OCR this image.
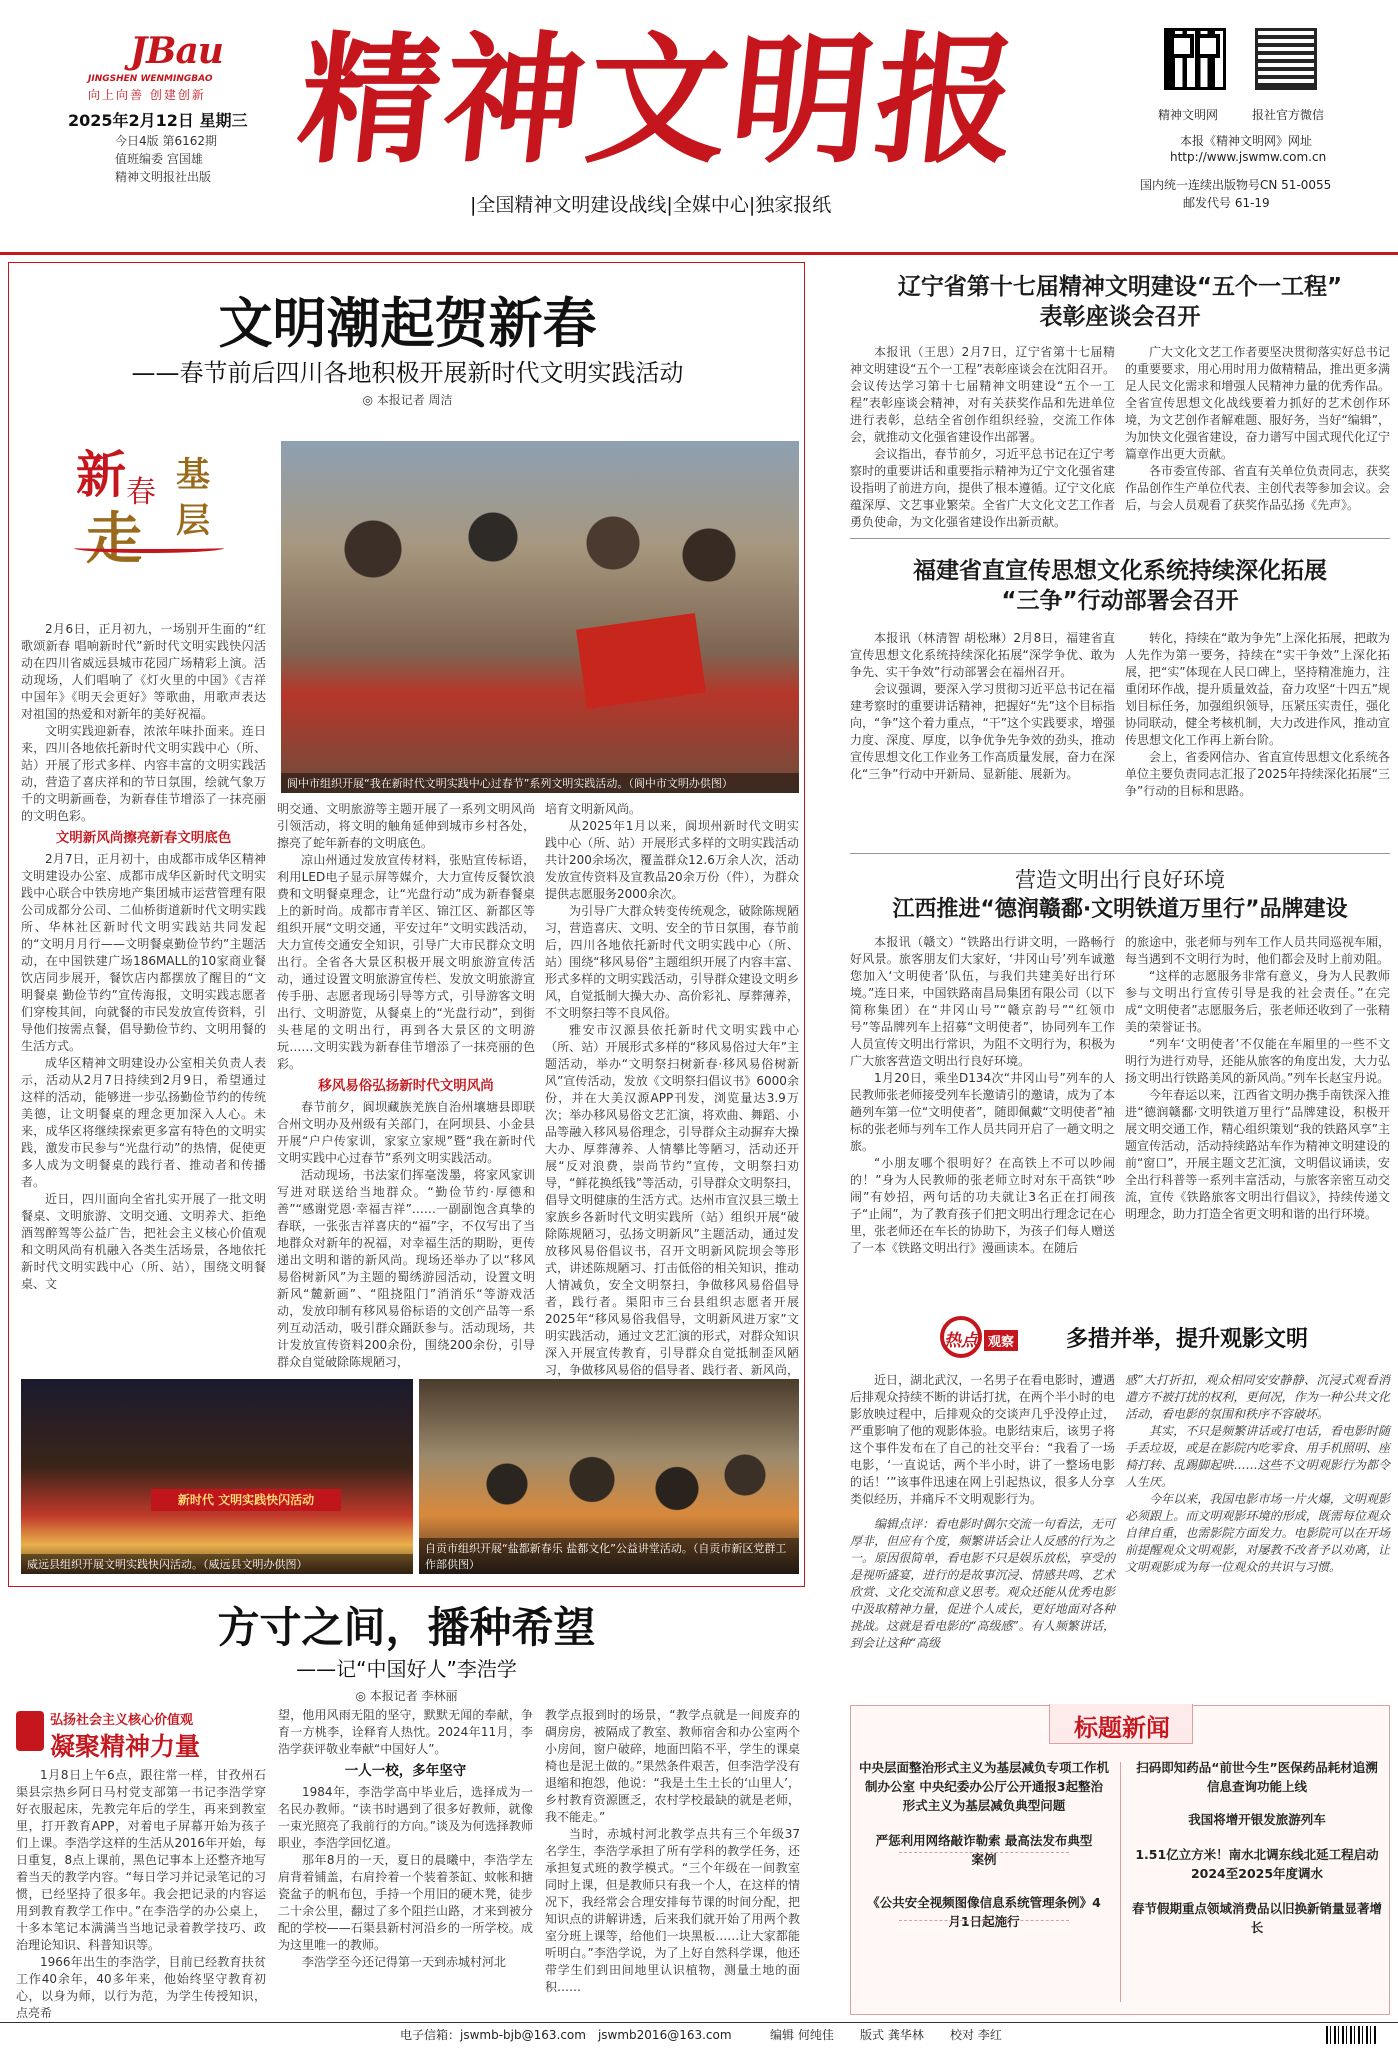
JBau
JINGSHEN WENMINGBAO
向上向善 创建创新
2025年2月12日 星期三
今日4版 第6162期
值班编委 宫国雄
精神文明报社出版 精神文明报
|全国精神文明建设战线|全媒中心|独家报纸
精神文明网	报社官方微信
本报《精神文明网》网址
http://www.jswmw.com.cn
国内统一连续出版物号CN 51-0055
邮发代号 61-19
文明潮起贺新春
——春节前后四川各地积极开展新时代文明实践活动
◎ 本报记者 周洁
新 春 基
层
走
阆中市组织开展“我在新时代文明实践中心过春节”系列文明实践活动。（阆中市文明办供图）

2月6日，正月初九，一场别开生面的“红歌颂新春 唱响新时代”新时代文明实践快闪活动在四川省威远县城市花园广场精彩上演。活动现场，人们唱响了《灯火里的中国》《吉祥中国年》《明天会更好》等歌曲，用歌声表达对祖国的热爱和对新年的美好祝福。

文明实践迎新春，浓浓年味扑面来。连日来，四川各地依托新时代文明实践中心（所、站）开展了形式多样、内容丰富的文明实践活动，营造了喜庆祥和的节日氛围，绘就气象万千的文明新画卷，为新春佳节增添了一抹亮丽的文明色彩。

文明新风尚擦亮新春文明底色

2月7日，正月初十，由成都市成华区精神文明建设办公室、成都市成华区新时代文明实践中心联合中铁房地产集团城市运营管理有限公司成都分公司、二仙桥街道新时代文明实践所、华林社区新时代文明实践站共同发起的“文明月月行——文明餐桌勤俭节约”主题活动，在中国铁建广场186MALL的10家商业餐饮店同步展开，餐饮店内都摆放了醒目的“文明餐桌 勤俭节约”宣传海报，文明实践志愿者们穿梭其间，向就餐的市民发放宣传资料，引导他们按需点餐，倡导勤俭节约、文明用餐的生活方式。

成华区精神文明建设办公室相关负责人表示，活动从2月7日持续到2月9日，希望通过这样的活动，能够进一步弘扬勤俭节约的传统美德，让文明餐桌的理念更加深入人心。未来，成华区将继续探索更多富有特色的文明实践，激发市民参与“光盘行动”的热情，促使更多人成为文明餐桌的践行者、推动者和传播者。

近日，四川面向全省扎实开展了一批文明餐桌、文明旅游、文明交通、文明养犬、拒绝酒驾醉驾等公益广告，把社会主义核心价值观和文明风尚有机融入各类生活场景，各地依托新时代文明实践中心（所、站），围绕文明餐桌、文

明交通、文明旅游等主题开展了一系列文明风尚引领活动，将文明的触角延伸到城市乡村各处，擦亮了蛇年新春的文明底色。

凉山州通过发放宣传材料，张贴宣传标语，利用LED电子显示屏等媒介，大力宣传反餐饮浪费和文明餐桌理念，让“光盘行动”成为新春餐桌上的新时尚。成都市青羊区、锦江区、新都区等组织开展“文明交通，平安过年”文明实践活动，大力宣传交通安全知识，引导广大市民群众文明出行。全省各大景区积极开展文明旅游宣传活动，通过设置文明旅游宣传栏、发放文明旅游宣传手册、志愿者现场引导等方式，引导游客文明出行、文明游览，从餐桌上的“光盘行动”，到街头巷尾的文明出行，再到各大景区的文明游玩……文明实践为新春佳节增添了一抹亮丽的色彩。

移风易俗弘扬新时代文明风尚

春节前夕，阆坝藏族羌族自治州壤塘县即联合州文明办及州级有关部门，在阿坝县、小金县开展“户户传家训，家家立家规”暨“我在新时代文明实践中心过春节”系列文明实践活动。

活动现场，书法家们挥毫泼墨，将家风家训写进对联送给当地群众。“勤俭节约·厚德和善”“感谢党恩·幸福吉祥”……一副副饱含真挚的春联，一张张吉祥喜庆的“福”字，不仅写出了当地群众对新年的祝福，对幸福生活的期盼，更传递出文明和谐的新风尚。现场还举办了以“移风易俗树新风”为主题的蜀绣游园活动，设置文明新风“麓新画”、“阻挠阻门”消消乐“等游戏活动，发放印制有移风易俗标语的文创产品等一系列互动活动，吸引群众踊跃参与。活动现场，共计发放宣传资料200余份，围绕200余份，引导群众自觉破除陈规陋习，

培育文明新风尚。

从2025年1月以来，阆坝州新时代文明实践中心（所、站）开展形式多样的文明实践活动共计200余场次，覆盖群众12.6万余人次，活动发放宣传资料及宣教品20余万份（件），为群众提供志愿服务2000余次。

为引导广大群众转变传统观念，破除陈规陋习，营造喜庆、文明、安全的节日氛围，春节前后，四川各地依托新时代文明实践中心（所、站）围绕“移风易俗”主题组织开展了内容丰富、形式多样的文明实践活动，引导群众建设文明乡风，自觉抵制大操大办、高价彩礼、厚葬薄养，不文明祭扫等不良风俗。

雅安市汉源县依托新时代文明实践中心（所、站）开展形式多样的“移风易俗过大年”主题活动，举办“文明祭扫树新春·移风易俗树新风”宣传活动，发放《文明祭扫倡议书》6000余份，并在大美汉源APP刊发，浏览量达3.9万次；举办移风易俗文艺汇演，将欢曲、舞蹈、小品等融入移风易俗理念，引导群众主动摒弃大操大办、厚葬薄养、人情攀比等陋习，活动还开展“反对浪费，崇尚节约”宣传，文明祭扫劝导，“鲜花换纸钱”等活动，引导群众文明祭扫，倡导文明健康的生活方式。达州市宣汉县三墩土家族乡各新时代文明实践所（站）组织开展“破除陈规陋习，弘扬文明新风”主题活动，通过发放移风易俗倡议书，召开文明新风院坝会等形式，讲述陈规陋习、打击低俗的相关知识，推动人情减负，安全文明祭扫，争做移风易俗倡导者，践行者。渠阳市三台县组织志愿者开展2025年“移风易俗我倡导，文明新风进万家”文明实践活动，通过文艺汇演的形式，对群众知识深入开展宣传教育，引导群众自觉抵制歪风陋习，争做移风易俗的倡导者、践行者、新风尚，

新时代 文明实践快闪活动
威远县组织开展文明实践快闪活动。（威远县文明办供图）
自贡市组织开展“盐都新春乐 盐都文化”公益讲堂活动。（自贡市新区党群工作部供图）
辽宁省第十七届精神文明建设“五个一工程”
表彰座谈会召开

本报讯（王思）2月7日，辽宁省第十七届精神文明建设“五个一工程”表彰座谈会在沈阳召开。会议传达学习第十七届精神文明建设“五个一工程”表彰座谈会精神，对有关获奖作品和先进单位进行表彰，总结全省创作组织经验，交流工作体会，就推动文化强省建设作出部署。

会议指出，春节前夕，习近平总书记在辽宁考察时的重要讲话和重要指示精神为辽宁文化强省建设指明了前进方向，提供了根本遵循。辽宁文化底蕴深厚、文艺事业繁荣。全省广大文化文艺工作者勇负使命，为文化强省建设作出新贡献。

广大文化文艺工作者要坚决贯彻落实好总书记的重要要求，用心用时用力做精精品，推出更多满足人民文化需求和增强人民精神力量的优秀作品。全省宣传思想文化战线要着力抓好的艺术创作环境，为文艺创作者解难题、服好务，当好“编辑”，为加快文化强省建设，奋力谱写中国式现代化辽宁篇章作出更大贡献。

各市委宣传部、省直有关单位负责同志，获奖作品创作生产单位代表、主创代表等参加会议。会后，与会人员观看了获奖作品弘扬《先声》。

福建省直宣传思想文化系统持续深化拓展
“三争”行动部署会召开

本报讯（林清智 胡松琳）2月8日，福建省直宣传思想文化系统持续深化拓展“深学争优、敢为争先、实干争效”行动部署会在福州召开。

会议强调，要深入学习贯彻习近平总书记在福建考察时的重要讲话精神，把握好“先”这个目标指向，“争”这个着力重点，“干”这个实践要求，增强力度、深度、厚度，以争优争先争效的劲头，推动宣传思想文化工作业务工作高质量发展，奋力在深化“三争”行动中开新局、显新能、展新为。

转化，持续在“敢为争先”上深化拓展，把敢为人先作为第一要务，持续在“实干争效”上深化拓展，把“实”体现在人民口碑上，坚持精准施力，注重闭环作战，提升质量效益，奋力攻坚“十四五”规划目标任务，加强组织领导，压紧压实责任，强化协同联动，健全考核机制，大力改进作风，推动宣传思想文化工作再上新台阶。

会上，省委网信办、省直宣传思想文化系统各单位主要负责同志汇报了2025年持续深化拓展“三争”行动的目标和思路。

营造文明出行良好环境
江西推进“德润赣鄱·文明铁道万里行”品牌建设

本报讯（赣文）“铁路出行讲文明，一路畅行好风景。旅客朋友们大家好，‘井冈山号’列车诚邀您加入‘文明使者’队伍，与我们共建美好出行环境。”连日来，中国铁路南昌局集团有限公司（以下简称集团）在“井冈山号”“赣京韵号”“红领巾号”等品牌列车上招募“文明使者”，协同列车工作人员宣传文明出行常识，为阻不文明行为，积极为广大旅客营造文明出行良好环境。

1月20日，乘坐D134次“井冈山号”列车的人民教师张老师接受列车长邀请引的邀请，成为了本趟列车第一位“文明使者”，随即佩戴“文明使者”袖标的张老师与列车工作人员共同开启了一趟文明之旅。

“小朋友哪个很明好？在高铁上不可以吵闹的！”身为人民教师的张老师立时对东干高铁“吵闹”有妙招，两句话的功夫就让3名正在打闹孩子“止闹”，为了教育孩子们把文明出行理念记在心里，张老师还在车长的协助下，为孩子们每人赠送了一本《铁路文明出行》漫画读本。在随后

的旅途中，张老师与列车工作人员共同巡视车厢，每当遇到不文明行为时，他们都会及时上前劝阻。

“这样的志愿服务非常有意义，身为人民教师参与文明出行宣传引导是我的社会责任。”在完成“文明使者”志愿服务后，张老师还收到了一张精美的荣誉证书。

“列车‘文明使者’不仅能在车厢里的一些不文明行为进行劝导，还能从旅客的角度出发，大力弘扬文明出行铁路美风的新风尚。”列车长赵宝丹说。

今年春运以来，江西省文明办携手南铁深入推进“德润赣鄱·文明铁道万里行”品牌建设，积极开展文明交通工作，精心组织策划“我的铁路风享”主题宣传活动，活动持续路站车作为精神文明建设的前“窗口”，开展主题文艺汇演，文明倡议诵读，安全出行科普等一系列丰富活动，与旅客亲密互动交流，宣传《铁路旅客文明出行倡议》，持续传递文明理念，助力打造全省更文明和谐的出行环境。

热点 观察 多措并举，提升观影文明

近日，湖北武汉，一名男子在看电影时，遭遇后排观众持续不断的讲话打扰，在两个半小时的电影放映过程中，后排观众的交谈声几乎没停止过，严重影响了他的观影体验。电影结束后，该男子将这个事件发布在了自己的社交平台：“我看了一场电影，‘一直说话，两个半小时，讲了一整场电影的话！’”该事件迅速在网上引起热议，很多人分享类似经历，并痛斥不文明观影行为。

编辑点评：看电影时偶尔交流一句看法，无可厚非，但应有个度，频繁讲话会让人反感的行为之一。原因很简单，看电影不只是娱乐放松，享受的是视听盛宴，进行的是故事沉浸、情感共鸣、艺术欣赏、文化交流和意义思考。观众还能从优秀电影中汲取精神力量，促进个人成长，更好地面对各种挑战。这就是看电影的“高级感”。有人频繁讲话，到会让这种“高级

感”大打折扣，观众相同安安静静、沉浸式观看消遣方不被打扰的权利，更何况，作为一种公共文化活动，看电影的氛围和秩序不容破坏。

其实，不只是频繁讲话或打电话，看电影时随手丢垃圾，或是在影院内吃零食、用手机照明、座椅打转、乱踢脚起哄……这些不文明观影行为都令人生厌。

今年以来，我国电影市场一片火爆，文明观影必须跟上。而文明观影环境的形成，既需每位观众自律自重，也需影院方面发力。电影院可以在开场前提醒观众文明观影，对屡教不改者予以劝离，让文明观影成为每一位观众的共识与习惯。

方寸之间，播种希望
——记“中国好人”李浩学
◎ 本报记者 李林丽
弘扬社会主义核心价值观
凝聚精神力量

1月8日上午6点，跟往常一样，甘孜州石渠县宗热乡阿日马村党支部第一书记李浩学穿好衣服起床，先教完年后的学生，再来到教室里，打开教育APP，对着电子屏幕开始为孩子们上课。李浩学这样的生活从2016年开始，每日重复，8点上课前，黑色记事本上还整齐地写着当天的教学内容。“每日学习并记录笔记的习惯，已经坚持了很多年。我会把记录的内容运用到教育教学工作中。”在李浩学的办公桌上，十多本笔记本满满当当地记录着教学技巧、政治理论知识、科普知识等。

1966年出生的李浩学，目前已经教育扶贫工作40余年，40多年来，他始终坚守教育初心，以身为师，以行为范，为学生传授知识，点亮希

望，他用风雨无阻的坚守，默默无闻的奉献，争育一方桃李，诠释育人热忱。2024年11月，李浩学获评敬业奉献“中国好人”。

一人一校，多年坚守

1984年，李浩学高中毕业后，选择成为一名民办教师。“读书时遇到了很多好教师，就像一束光照亮了我前行的方向。”谈及为何选择教师职业，李浩学回忆道。

那年8月的一天，夏日的晨曦中，李浩学左肩背着铺盖，右肩拎着一个装着茶缸、蚊帐和搪瓷盆子的帆布包，手持一个用旧的硬木凳，徒步二十余公里，翻过了多个阻拦山路，才来到被分配的学校——石渠县新村河沿乡的一所学校。成为这里唯一的教师。

李浩学至今还记得第一天到赤城村河北

教学点报到时的场景，“教学点就是一间废弃的碉房房，被隔成了教室、教师宿舍和办公室两个小房间，窗户破碎，地面凹陷不平，学生的课桌椅也是泥土做的。”果然条件艰苦，但李浩学没有退缩和抱怨，他说：“我是土生土长的‘山里人’，乡村教育资源匮乏，农村学校最缺的就是老师，我不能走。”

当时，赤城村河北教学点共有三个年级37名学生，李浩学承担了所有学科的教学任务，还承担复式班的教学模式。“三个年级在一间教室同时上课，但是教师只有我一个人，在这样的情况下，我经常会合理安排每节课的时间分配，把知识点的讲解讲透，后来我们就开始了用两个教室分班上课等，给他们一块黑板……让大家都能听明白。”李浩学说，为了上好自然科学课，他还带学生们到田间地里认识植物，测量土地的面积……

标题新闻
中央层面整治形式主义为基层减负专项工作机制办公室 中央纪委办公厅公开通报3起整治形式主义为基层减负典型问题
严惩利用网络敲诈勒索 最高法发布典型案例
《公共安全视频图像信息系统管理条例》4月1日起施行
扫码即知药品“前世今生”医保药品耗材追溯信息查询功能上线
我国将增开银发旅游列车
1.51亿立方米！南水北调东线北延工程启动2024至2025年度调水
春节假期重点领域消费品以旧换新销量显著增长
电子信箱：jswmb-bjb@163.com　jswmb2016@163.com	编辑 何纯佳 版式 龚华林 校对 李红
